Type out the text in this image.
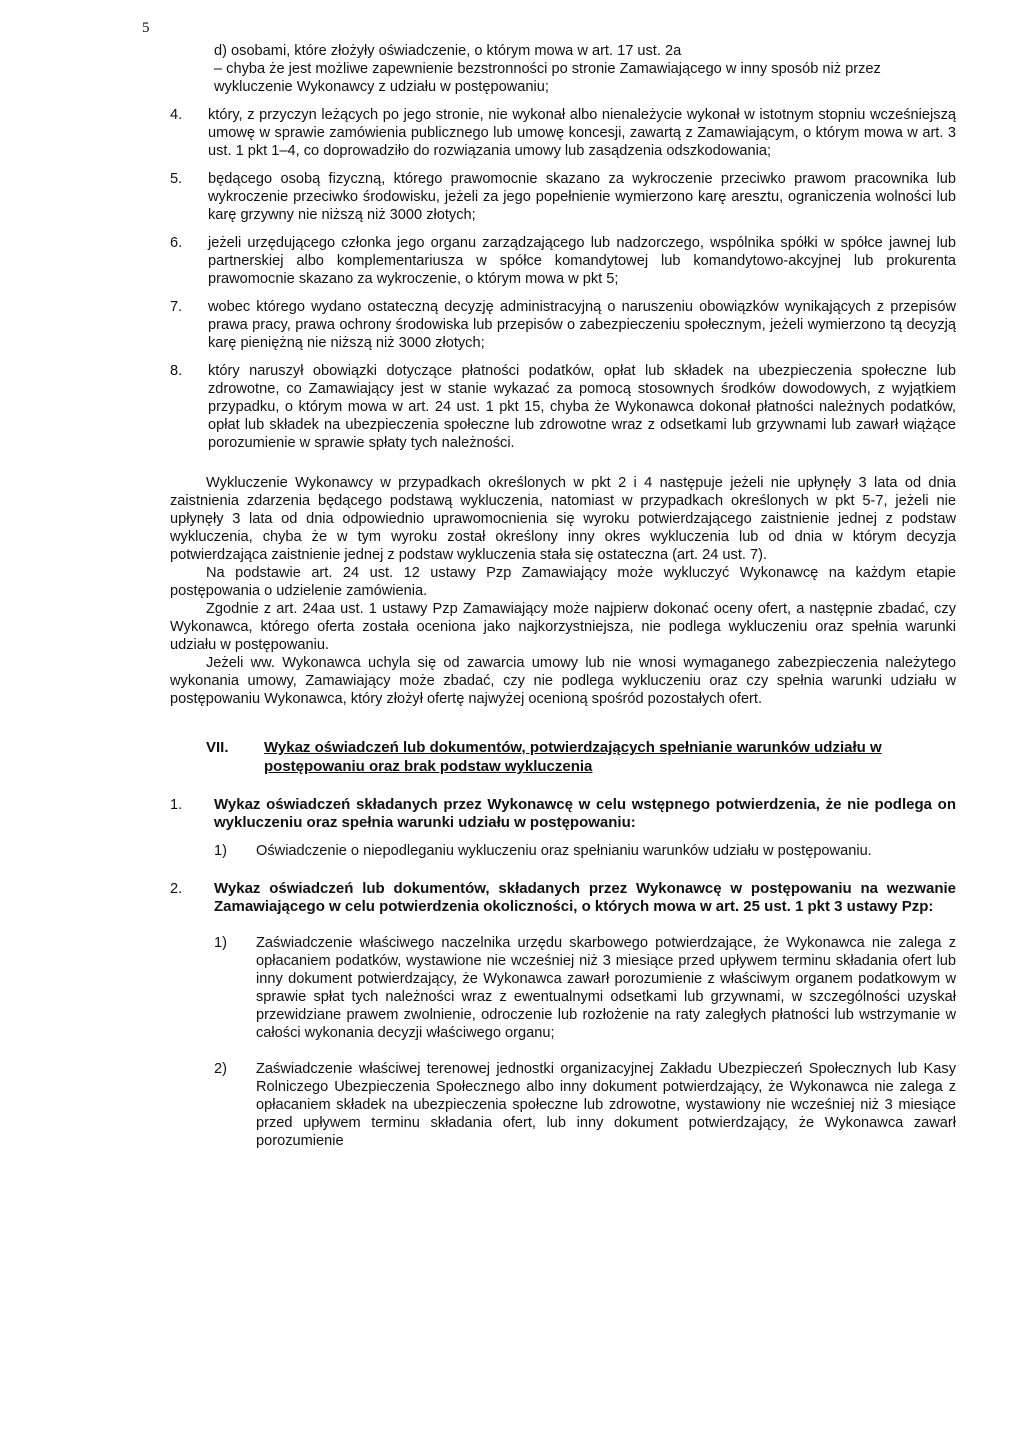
5
d) osobami, które złożyły oświadczenie, o którym mowa w art. 17 ust. 2a
– chyba że jest możliwe zapewnienie bezstronności po stronie Zamawiającego w inny sposób niż przez wykluczenie Wykonawcy z udziału w postępowaniu;
4.	który, z przyczyn leżących po jego stronie, nie wykonał albo nienależycie wykonał w istotnym stopniu wcześniejszą umowę w sprawie zamówienia publicznego lub umowę koncesji, zawartą z Zamawiającym, o którym mowa w art. 3 ust. 1 pkt 1–4, co doprowadziło do rozwiązania umowy lub zasądzenia odszkodowania;
5.	będącego osobą fizyczną, którego prawomocnie skazano za wykroczenie przeciwko prawom pracownika lub wykroczenie przeciwko środowisku, jeżeli za jego popełnienie wymierzono karę aresztu, ograniczenia wolności lub karę grzywny nie niższą niż 3000 złotych;
6.	jeżeli urzędującego członka jego organu zarządzającego lub nadzorczego, wspólnika spółki w spółce jawnej lub partnerskiej albo komplementariusza w spółce komandytowej lub komandytowo-akcyjnej lub prokurenta prawomocnie skazano za wykroczenie, o którym mowa w pkt 5;
7.	wobec którego wydano ostateczną decyzję administracyjną o naruszeniu obowiązków wynikających z przepisów prawa pracy, prawa ochrony środowiska lub przepisów o zabezpieczeniu społecznym, jeżeli wymierzono tą decyzją karę pieniężną nie niższą niż 3000 złotych;
8.	który naruszył obowiązki dotyczące płatności podatków, opłat lub składek na ubezpieczenia społeczne lub zdrowotne, co Zamawiający jest w stanie wykazać za pomocą stosownych środków dowodowych, z wyjątkiem przypadku, o którym mowa w art. 24 ust. 1 pkt 15, chyba że Wykonawca dokonał płatności należnych podatków, opłat lub składek na ubezpieczenia społeczne lub zdrowotne wraz z odsetkami lub grzywnami lub zawarł wiążące porozumienie w sprawie spłaty tych należności.
Wykluczenie Wykonawcy w przypadkach określonych w pkt 2 i 4 następuje jeżeli nie upłynęły 3 lata od dnia zaistnienia zdarzenia będącego podstawą wykluczenia, natomiast w przypadkach określonych w pkt 5-7, jeżeli nie upłynęły 3 lata od dnia odpowiednio uprawomocnienia się wyroku potwierdzającego zaistnienie jednej z podstaw wykluczenia, chyba że w tym wyroku został określony inny okres wykluczenia lub od dnia w którym decyzja potwierdzająca zaistnienie jednej z podstaw wykluczenia stała się ostateczna (art. 24 ust. 7).
Na podstawie art. 24 ust. 12 ustawy Pzp Zamawiający może wykluczyć Wykonawcę na każdym etapie postępowania o udzielenie zamówienia.
Zgodnie z art. 24aa ust. 1 ustawy Pzp Zamawiający może najpierw dokonać oceny ofert, a następnie zbadać, czy Wykonawca, którego oferta została oceniona jako najkorzystniejsza, nie podlega wykluczeniu oraz spełnia warunki udziału w postępowaniu.
Jeżeli ww. Wykonawca uchyla się od zawarcia umowy lub nie wnosi wymaganego zabezpieczenia należytego wykonania umowy, Zamawiający może zbadać, czy nie podlega wykluczeniu oraz czy spełnia warunki udziału w postępowaniu Wykonawca, który złożył ofertę najwyżej ocenioną spośród pozostałych ofert.
VII.	Wykaz oświadczeń lub dokumentów, potwierdzających spełnianie warunków udziału w postępowaniu oraz brak podstaw wykluczenia
1.	Wykaz oświadczeń składanych przez Wykonawcę w celu wstępnego potwierdzenia, że nie podlega on wykluczeniu oraz spełnia warunki udziału w postępowaniu:
1)	Oświadczenie o niepodleganiu wykluczeniu oraz spełnianiu warunków udziału w postępowaniu.
2.	Wykaz oświadczeń lub dokumentów, składanych przez Wykonawcę w postępowaniu na wezwanie Zamawiającego w celu potwierdzenia okoliczności, o których mowa w art. 25 ust. 1 pkt 3 ustawy Pzp:
1)	Zaświadczenie właściwego naczelnika urzędu skarbowego potwierdzające, że Wykonawca nie zalega z opłacaniem podatków, wystawione nie wcześniej niż 3 miesiące przed upływem terminu składania ofert lub inny dokument potwierdzający, że Wykonawca zawarł porozumienie z właściwym organem podatkowym w sprawie spłat tych należności wraz z ewentualnymi odsetkami lub grzywnami, w szczególności uzyskał przewidziane prawem zwolnienie, odroczenie lub rozłożenie na raty zaległych płatności lub wstrzymanie w całości wykonania decyzji właściwego organu;
2)	Zaświadczenie właściwej terenowej jednostki organizacyjnej Zakładu Ubezpieczeń Społecznych lub Kasy Rolniczego Ubezpieczenia Społecznego albo inny dokument potwierdzający, że Wykonawca nie zalega z opłacaniem składek na ubezpieczenia społeczne lub zdrowotne, wystawiony nie wcześniej niż 3 miesiące przed upływem terminu składania ofert, lub inny dokument potwierdzający, że Wykonawca zawarł porozumienie
